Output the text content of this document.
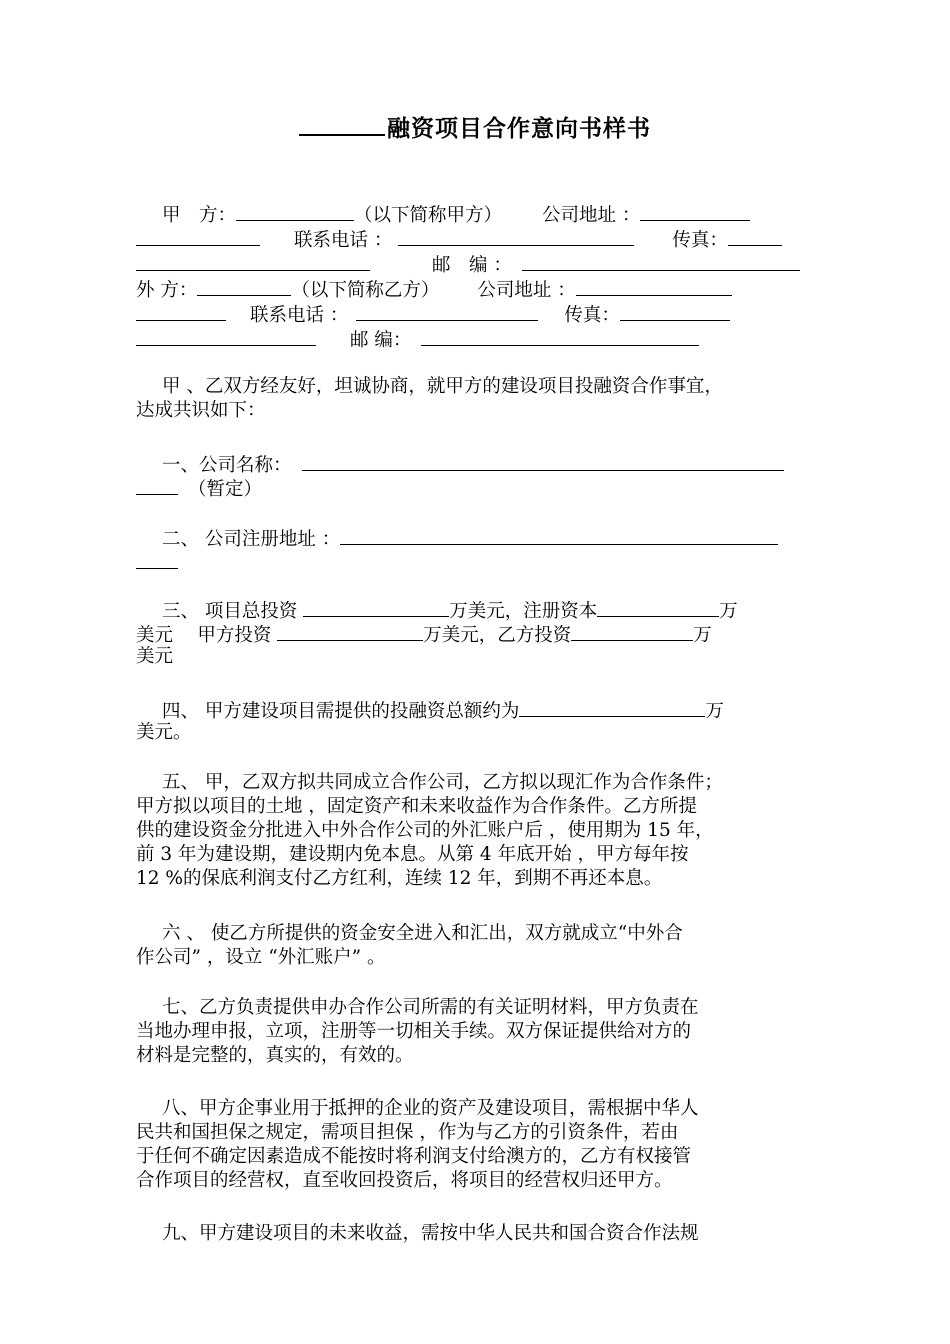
融资项目合作意向书样书
甲　方：	（以下简称甲方） 公司地址 ：
联系电话 ：	传真：
邮　编 ：
外 方：	（以下简称乙方） 公司地址 ：
联系电话 ：	传真：
邮 编：

甲 、乙双方经友好，坦诚协商，就甲方的建设项目投融资合作事宜，

达成共识如下：

一、公司名称：

（暂定）

二、 公司注册地址 ：

三、 项目总投资	万美元，注册资本	万

美元　 甲方投资	万美元，乙方投资	万

美元

四、 甲方建设项目需提供的投融资总额约为	万

美元。

五、 甲，乙双方拟共同成立合作公司，乙方拟以现汇作为合作条件；

甲方拟以项目的土地 ，固定资产和未来收益作为合作条件。乙方所提

供的建设资金分批进入中外合作公司的外汇账户后 ，使用期为 15 年，

前 3 年为建设期，建设期内免本息。从第 4 年底开始 ，甲方每年按

12 %的保底利润支付乙方红利，连续 12 年，到期不再还本息。

六 、 使乙方所提供的资金安全进入和汇出，双方就成立“中外合

作公司” ，设立 “外汇账户” 。

七、乙方负责提供申办合作公司所需的有关证明材料，甲方负责在

当地办理申报，立项，注册等一切相关手续。双方保证提供给对方的

材料是完整的，真实的，有效的。

八、甲方企事业用于抵押的企业的资产及建设项目，需根据中华人

民共和国担保之规定，需项目担保 ，作为与乙方的引资条件，若由

于任何不确定因素造成不能按时将利润支付给澳方的，乙方有权接管

合作项目的经营权，直至收回投资后，将项目的经营权归还甲方。

九、甲方建设项目的未来收益，需按中华人民共和国合资合作法规
